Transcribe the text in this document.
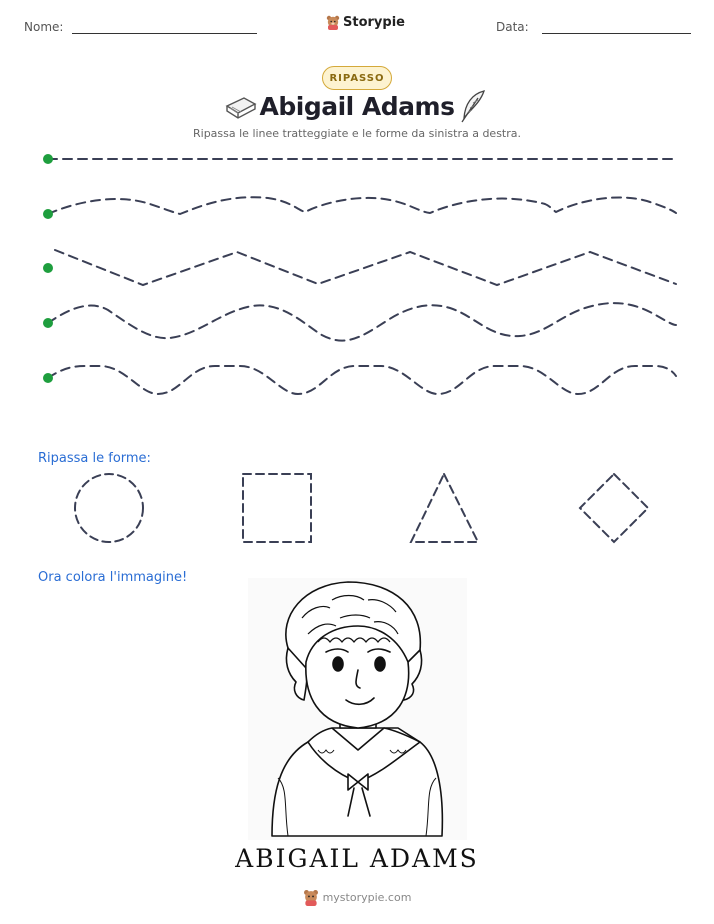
Nome:	Storypie	Data:
RIPASSO
Abigail Adams
Ripassa le linee tratteggiate e le forme da sinistra a destra.
Ripassa le forme:
Ora colora l'immagine!
ABIGAIL ADAMS
mystorypie.com
